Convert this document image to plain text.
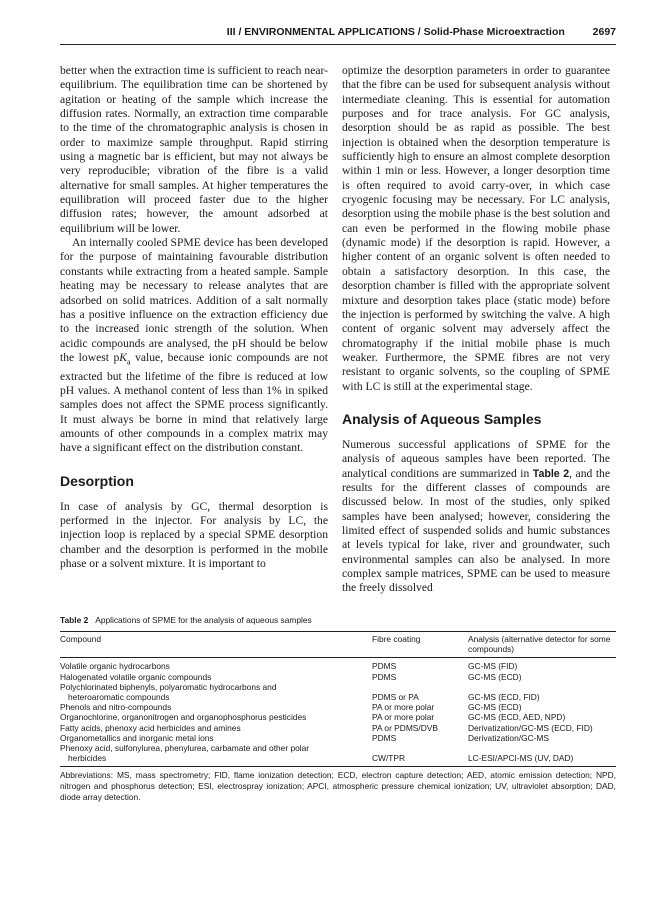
III / ENVIRONMENTAL APPLICATIONS / Solid-Phase Microextraction	2697

better when the extraction time is sufficient to reach near-equilibrium. The equilibration time can be shortened by agitation or heating of the sample which increase the diffusion rates. Normally, an extraction time comparable to the time of the chromatographic analysis is chosen in order to maximize sample throughput. Rapid stirring using a magnetic bar is efficient, but may not always be very reproducible; vibration of the fibre is a valid alternative for small samples. At higher temperatures the equilibration will proceed faster due to the higher diffusion rates; however, the amount adsorbed at equilibrium will be lower.

An internally cooled SPME device has been developed for the purpose of maintaining favourable distribution constants while extracting from a heated sample. Sample heating may be necessary to release analytes that are adsorbed on solid matrices. Addition of a salt normally has a positive influence on the extraction efficiency due to the increased ionic strength of the solution. When acidic compounds are analysed, the pH should be below the lowest $pK_a$ value, because ionic compounds are not extracted but the lifetime of the fibre is reduced at low pH values. A methanol content of less than 1% in spiked samples does not affect the SPME process significantly. It must always be borne in mind that relatively large amounts of other compounds in a complex matrix may have a significant effect on the distribution constant.

Desorption

In case of analysis by GC, thermal desorption is performed in the injector. For analysis by LC, the injection loop is replaced by a special SPME desorption chamber and the desorption is performed in the mobile phase or a solvent mixture. It is important to

optimize the desorption parameters in order to guarantee that the fibre can be used for subsequent analysis without intermediate cleaning. This is essential for automation purposes and for trace analysis. For GC analysis, desorption should be as rapid as possible. The best injection is obtained when the desorption temperature is sufficiently high to ensure an almost complete desorption within 1 min or less. However, a longer desorption time is often required to avoid carry-over, in which case cryogenic focusing may be necessary. For LC analysis, desorption using the mobile phase is the best solution and can even be performed in the flowing mobile phase (dynamic mode) if the desorption is rapid. However, a higher content of an organic solvent is often needed to obtain a satisfactory desorption. In this case, the desorption chamber is filled with the appropriate solvent mixture and desorption takes place (static mode) before the injection is performed by switching the valve. A high content of organic solvent may adversely affect the chromatography if the initial mobile phase is much weaker. Furthermore, the SPME fibres are not very resistant to organic solvents, so the coupling of SPME with LC is still at the experimental stage.

Analysis of Aqueous Samples

Numerous successful applications of SPME for the analysis of aqueous samples have been reported. The analytical conditions are summarized in Table 2, and the results for the different classes of compounds are discussed below. In most of the studies, only spiked samples have been analysed; however, considering the limited effect of suspended solids and humic substances at levels typical for lake, river and groundwater, such environmental samples can also be analysed. In more complex sample matrices, SPME can be used to measure the freely dissolved

Table 2 Applications of SPME for the analysis of aqueous samples
Compound	Fibre coating	Analysis (alternative detector for some compounds)
Volatile organic hydrocarbons	PDMS	GC-MS (FID)
Halogenated volatile organic compounds	PDMS	GC-MS (ECD)
Polychlorinated biphenyls, polyaromatic hydrocarbons and		
heteroaromatic compounds	PDMS or PA	GC-MS (ECD, FID)
Phenols and nitro-compounds	PA or more polar	GC-MS (ECD)
Organochlorine, organonitrogen and organophosphorus pesticides	PA or more polar	GC-MS (ECD, AED, NPD)
Fatty acids, phenoxy acid herbicides and amines	PA or PDMS/DVB	Derivatization/GC-MS (ECD, FID)
Organometallics and inorganic metal ions	PDMS	Derivatization/GC-MS
Phenoxy acid, sulfonylurea, phenylurea, carbamate and other polar		
herbicides	CW/TPR	LC-ESI/APCI-MS (UV, DAD)
Abbreviations: MS, mass spectrometry; FID, flame ionization detection; ECD, electron capture detection; AED, atomic emission detection; NPD, nitrogen and phosphorus detection; ESI, electrospray ionization; APCI, atmospheric pressure chemical ionization; UV, ultraviolet absorption; DAD, diode array detection.
